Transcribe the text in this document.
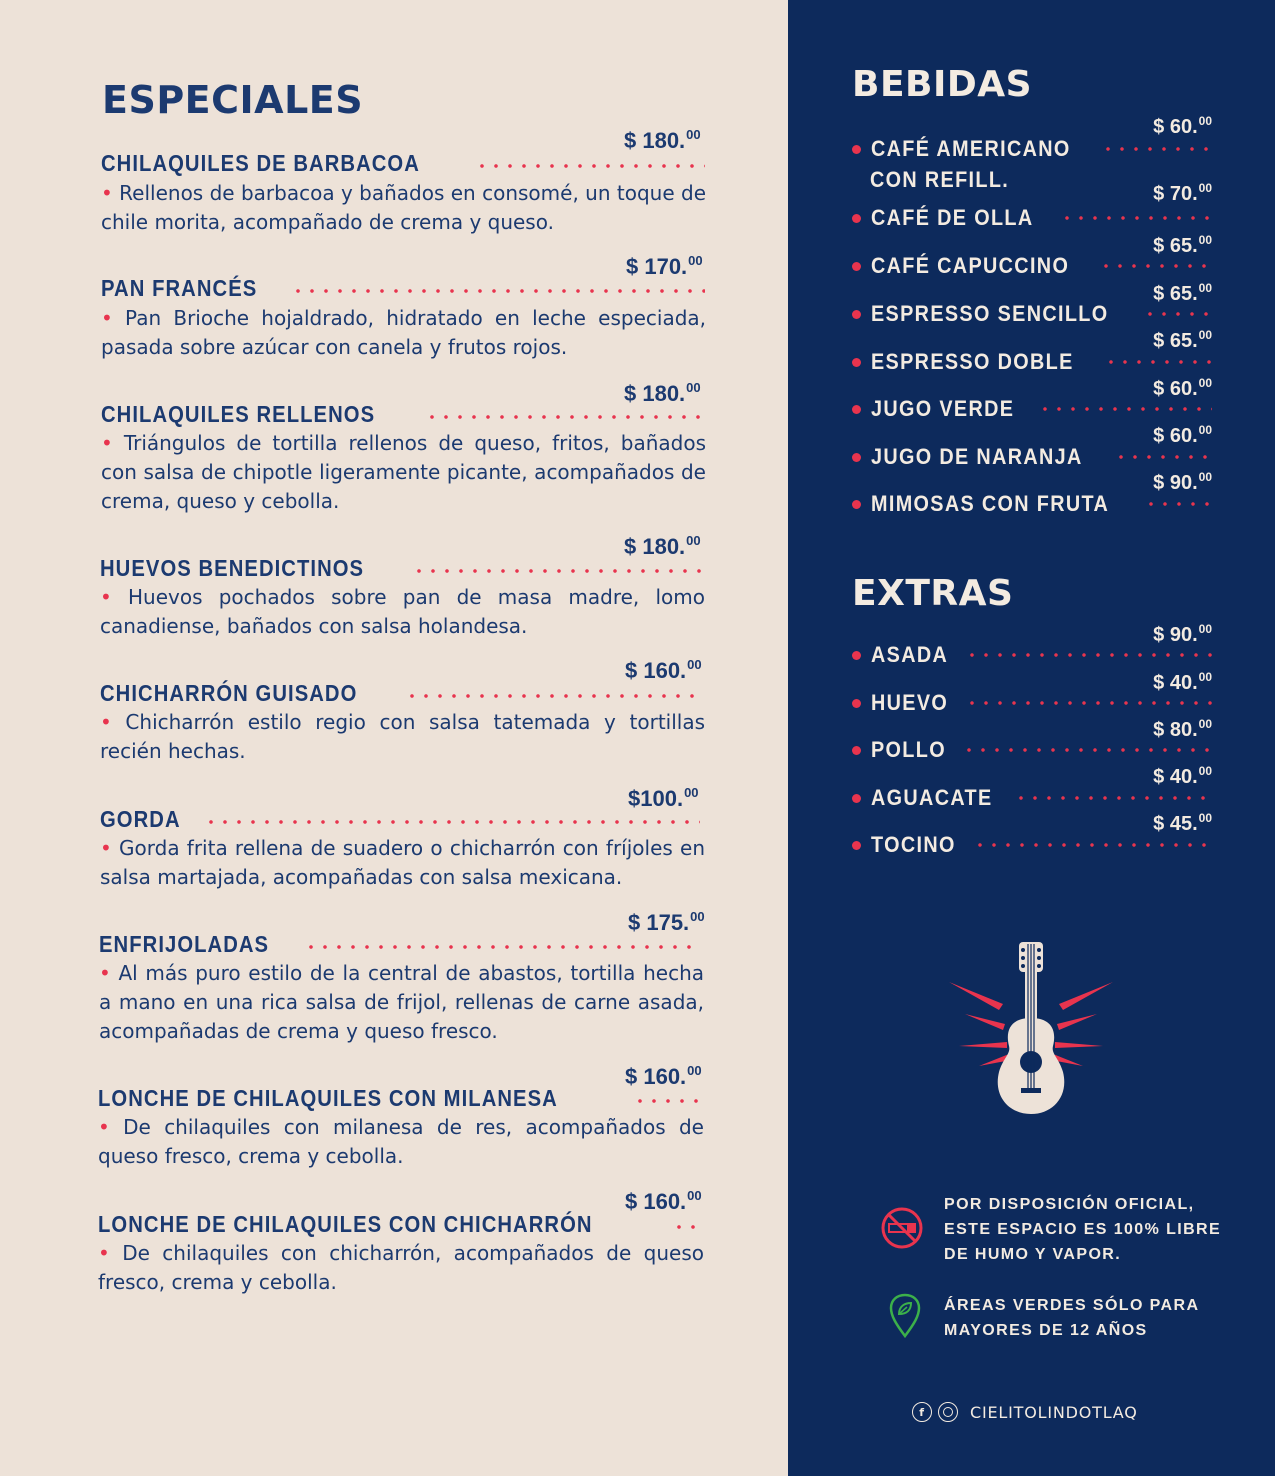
ESPECIALES
$ 180.00
CHILAQUILES DE BARBACOA
• Rellenos de barbacoa y bañados en consomé, un toque de chile morita, acompañado de crema y queso.
$ 170.00
PAN FRANCÉS
• Pan Brioche hojaldrado, hidratado en leche especiada, pasada sobre azúcar con canela y frutos rojos.
$ 180.00
CHILAQUILES RELLENOS
• Triángulos de tortilla rellenos de queso, fritos, bañados con salsa de chipotle ligeramente picante, acompañados de crema, queso y cebolla.
$ 180.00
HUEVOS BENEDICTINOS
• Huevos pochados sobre pan de masa madre, lomo canadiense, bañados con salsa holandesa.
$ 160.00
CHICHARRÓN GUISADO
• Chicharrón estilo regio con salsa tatemada y tortillas recién hechas.
$100.00
GORDA
• Gorda frita rellena de suadero o chicharrón con fríjoles en salsa martajada, acompañadas con salsa mexicana.
$ 175.00
ENFRIJOLADAS
• Al más puro estilo de la central de abastos, tortilla hecha a mano en una rica salsa de frijol, rellenas de carne asada, acompañadas de crema y queso fresco.
$ 160.00
LONCHE DE CHILAQUILES CON MILANESA
• De chilaquiles con milanesa de res, acompañados de queso fresco, crema y cebolla.
$ 160.00
LONCHE DE CHILAQUILES CON CHICHARRÓN
• De chilaquiles con chicharrón, acompañados de queso fresco, crema y cebolla.
BEBIDAS
$ 60.00
CAFÉ AMERICANO
CON REFILL.
$ 70.00
CAFÉ DE OLLA
$ 65.00
CAFÉ CAPUCCINO
$ 65.00
ESPRESSO SENCILLO
$ 65.00
ESPRESSO DOBLE
$ 60.00
JUGO VERDE
$ 60.00
JUGO DE NARANJA
$ 90.00
MIMOSAS CON FRUTA
EXTRAS
$ 90.00
ASADA
$ 40.00
HUEVO
$ 80.00
POLLO
$ 40.00
AGUACATE
$ 45.00
TOCINO
POR DISPOSICIÓN OFICIAL,
ESTE ESPACIO ES 100% LIBRE
DE HUMO Y VAPOR.
ÁREAS VERDES SÓLO PARA
MAYORES DE 12 AÑOS
f	CIELITOLINDOTLAQ
